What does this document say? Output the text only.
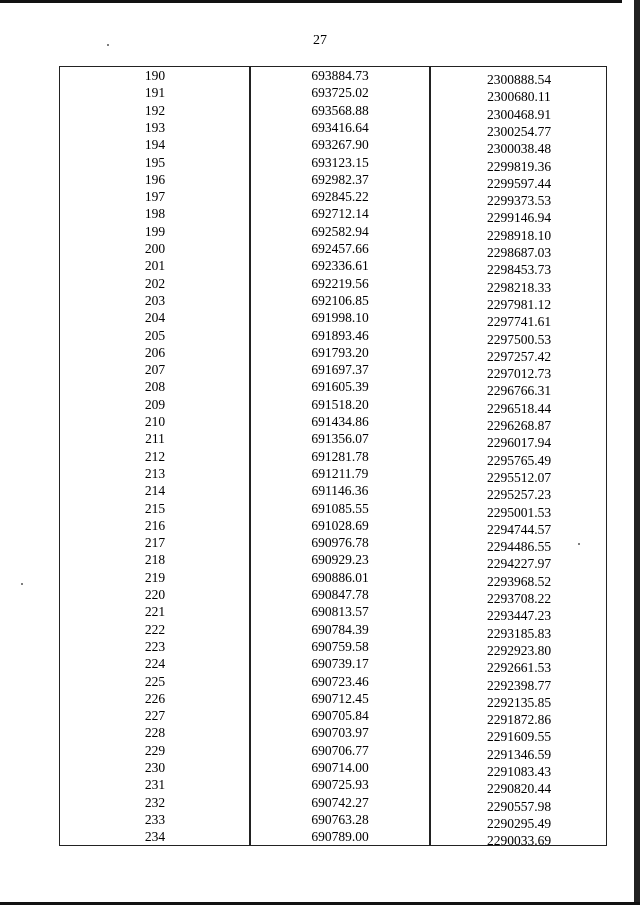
27
190	693884.73	2300888.54
191	693725.02	2300680.11
192	693568.88	2300468.91
193	693416.64	2300254.77
194	693267.90	2300038.48
195	693123.15	2299819.36
196	692982.37	2299597.44
197	692845.22	2299373.53
198	692712.14	2299146.94
199	692582.94	2298918.10
200	692457.66	2298687.03
201	692336.61	2298453.73
202	692219.56	2298218.33
203	692106.85	2297981.12
204	691998.10	2297741.61
205	691893.46	2297500.53
206	691793.20	2297257.42
207	691697.37	2297012.73
208	691605.39	2296766.31
209	691518.20	2296518.44
210	691434.86	2296268.87
211	691356.07	2296017.94
212	691281.78	2295765.49
213	691211.79	2295512.07
214	691146.36	2295257.23
215	691085.55	2295001.53
216	691028.69	2294744.57
217	690976.78	2294486.55
218	690929.23	2294227.97
219	690886.01	2293968.52
220	690847.78	2293708.22
221	690813.57	2293447.23
222	690784.39	2293185.83
223	690759.58	2292923.80
224	690739.17	2292661.53
225	690723.46	2292398.77
226	690712.45	2292135.85
227	690705.84	2291872.86
228	690703.97	2291609.55
229	690706.77	2291346.59
230	690714.00	2291083.43
231	690725.93	2290820.44
232	690742.27	2290557.98
233	690763.28	2290295.49
234	690789.00	2290033.69
